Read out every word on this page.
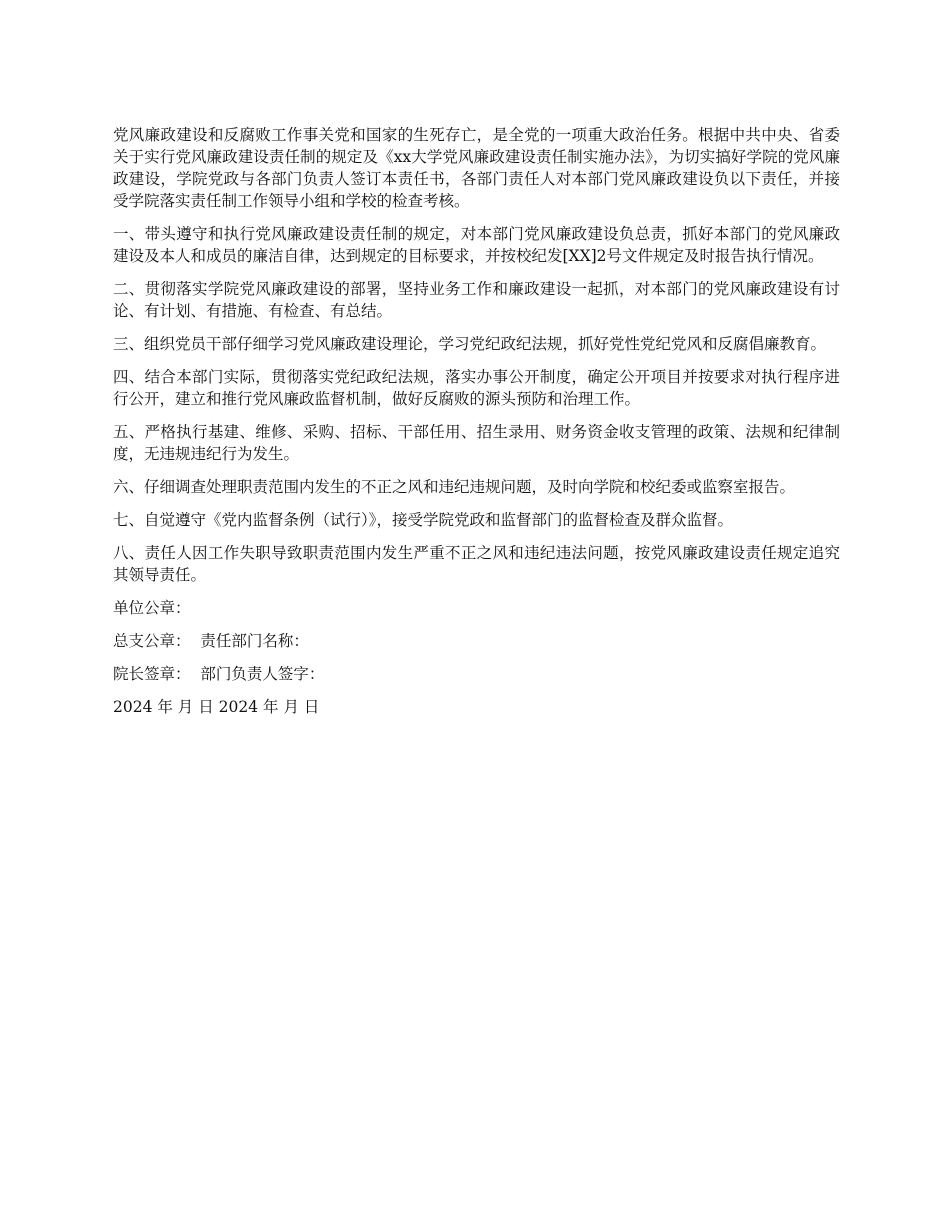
党风廉政建设和反腐败工作事关党和国家的生死存亡，是全党的一项重大政治任务。根据中共中央、省委关于实行党风廉政建设责任制的规定及《xx大学党风廉政建设责任制实施办法》，为切实搞好学院的党风廉政建设，学院党政与各部门负责人签订本责任书，各部门责任人对本部门党风廉政建设负以下责任，并接受学院落实责任制工作领导小组和学校的检查考核。

一、带头遵守和执行党风廉政建设责任制的规定，对本部门党风廉政建设负总责，抓好本部门的党风廉政建设及本人和成员的廉洁自律，达到规定的目标要求，并按校纪发[XX]2号文件规定及时报告执行情况。

二、贯彻落实学院党风廉政建设的部署，坚持业务工作和廉政建设一起抓，对本部门的党风廉政建设有讨论、有计划、有措施、有检查、有总结。

三、组织党员干部仔细学习党风廉政建设理论，学习党纪政纪法规，抓好党性党纪党风和反腐倡廉教育。

四、结合本部门实际，贯彻落实党纪政纪法规，落实办事公开制度，确定公开项目并按要求对执行程序进行公开，建立和推行党风廉政监督机制，做好反腐败的源头预防和治理工作。

五、严格执行基建、维修、采购、招标、干部任用、招生录用、财务资金收支管理的政策、法规和纪律制度，无违规违纪行为发生。

六、仔细调查处理职责范围内发生的不正之风和违纪违规问题，及时向学院和校纪委或监察室报告。

七、自觉遵守《党内监督条例（试行）》，接受学院党政和监督部门的监督检查及群众监督。

八、责任人因工作失职导致职责范围内发生严重不正之风和违纪违法问题，按党风廉政建设责任规定追究其领导责任。

单位公章：

总支公章：  责任部门名称：

院长签章：  部门负责人签字：

2024 年 月 日 2024 年 月 日
